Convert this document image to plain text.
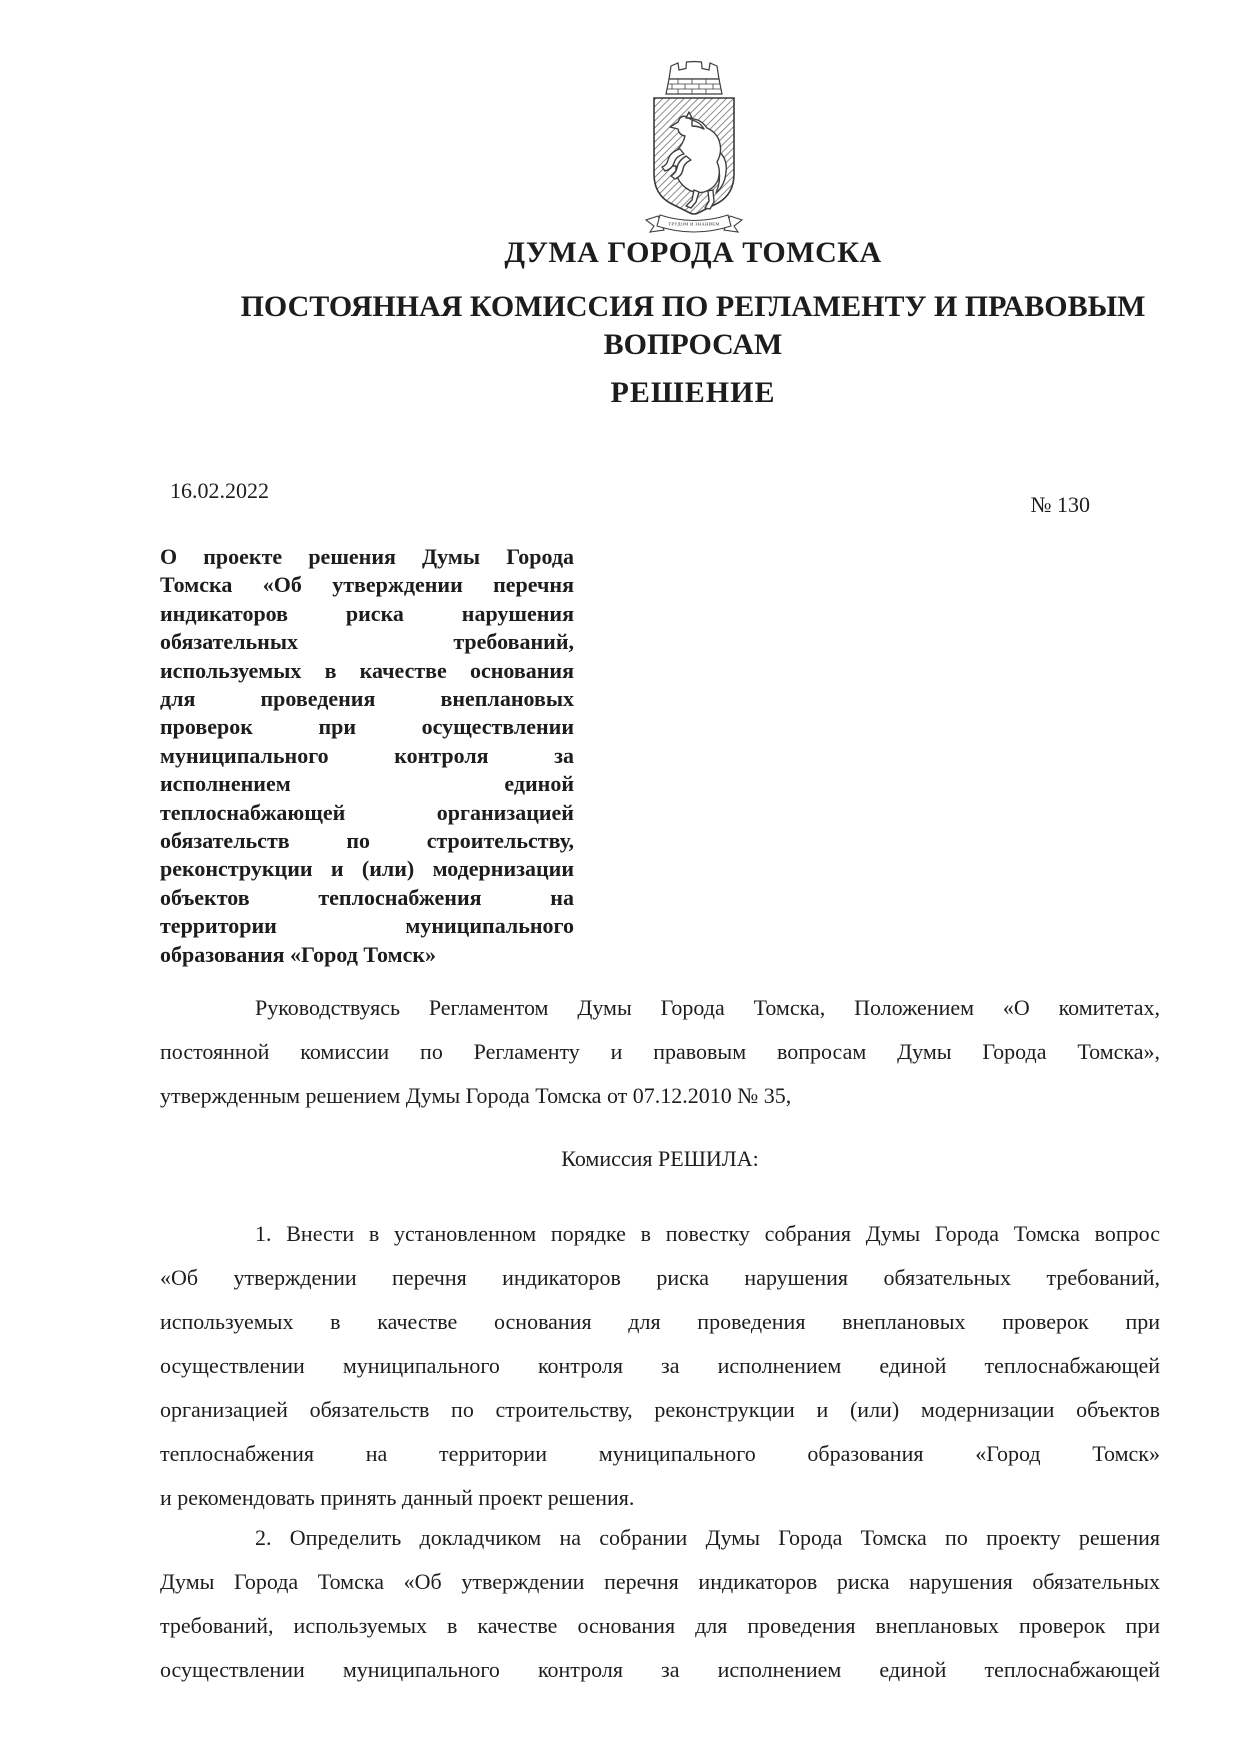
ТРУДОМ И ЗНАНИЕМ
ДУМА ГОРОДА ТОМСКА
ПОСТОЯННАЯ КОМИССИЯ ПО РЕГЛАМЕНТУ И ПРАВОВЫМ
ВОПРОСАМ
РЕШЕНИЕ
16.02.2022
№ 130
О проекте решения Думы Города
Томска «Об утверждении перечня
индикаторов риска нарушения
обязательных требований,
используемых в качестве основания
для проведения внеплановых
проверок при осуществлении
муниципального контроля за
исполнением единой
теплоснабжающей организацией
обязательств по строительству,
реконструкции и (или) модернизации
объектов теплоснабжения на
территории муниципального
образования «Город Томск»
Руководствуясь Регламентом Думы Города Томска, Положением «О комитетах,
постоянной комиссии по Регламенту и правовым вопросам Думы Города Томска»,
утвержденным решением Думы Города Томска от 07.12.2010 № 35,
Комиссия РЕШИЛА:
1. Внести в установленном порядке в повестку собрания Думы Города Томска вопрос
«Об утверждении перечня индикаторов риска нарушения обязательных требований,
используемых в качестве основания для проведения внеплановых проверок при
осуществлении муниципального контроля за исполнением единой теплоснабжающей
организацией обязательств по строительству, реконструкции и (или) модернизации объектов
теплоснабжения на территории муниципального образования «Город Томск»
и рекомендовать принять данный проект решения.
2. Определить докладчиком на собрании Думы Города Томска по проекту решения
Думы Города Томска «Об утверждении перечня индикаторов риска нарушения обязательных
требований, используемых в качестве основания для проведения внеплановых проверок при
осуществлении муниципального контроля за исполнением единой теплоснабжающей
